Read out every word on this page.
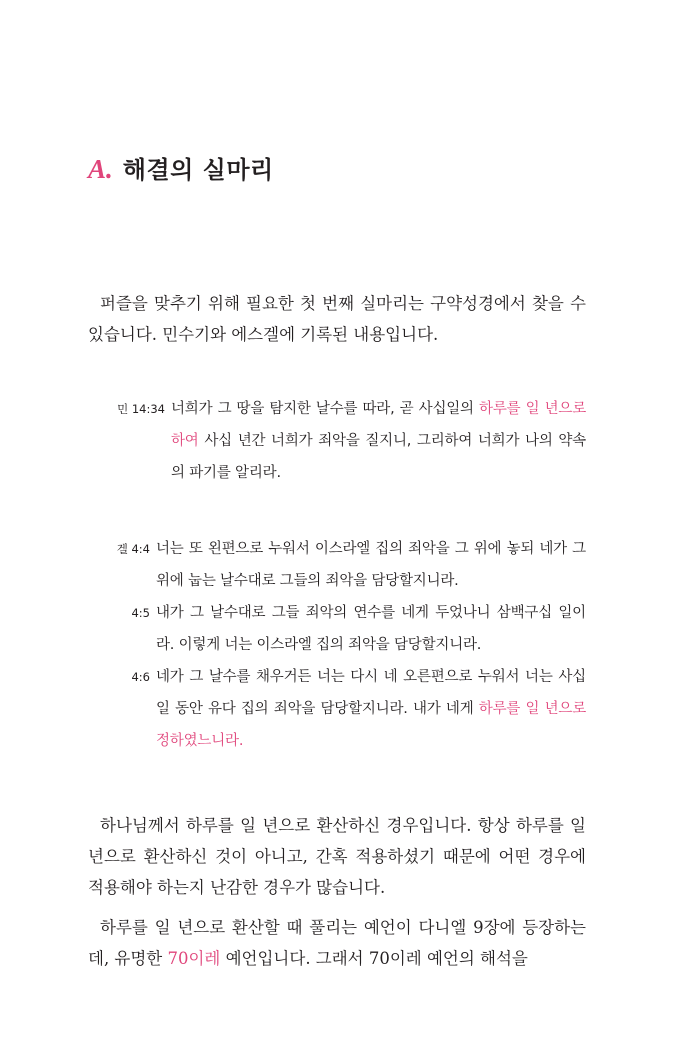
A. 해결의 실마리

퍼즐을 맞추기 위해 필요한 첫 번째 실마리는 구약성경에서 찾을 수 있습니다. 민수기와 에스겔에 기록된 내용입니다.

민 14:34 너희가 그 땅을 탐지한 날수를 따라, 곧 사십일의 하루를 일 년으로 하여 사십 년간 너희가 죄악을 질지니, 그리하여 너희가 나의 약속의 파기를 알리라.
겔 4:4 너는 또 왼편으로 누워서 이스라엘 집의 죄악을 그 위에 놓되 네가 그 위에 눕는 날수대로 그들의 죄악을 담당할지니라.
4:5 내가 그 날수대로 그들 죄악의 연수를 네게 두었나니 삼백구십 일이라. 이렇게 너는 이스라엘 집의 죄악을 담당할지니라.
4:6 네가 그 날수를 채우거든 너는 다시 네 오른편으로 누워서 너는 사십 일 동안 유다 집의 죄악을 담당할지니라. 내가 네게 하루를 일 년으로 정하였느니라.

하나님께서 하루를 일 년으로 환산하신 경우입니다. 항상 하루를 일 년으로 환산하신 것이 아니고, 간혹 적용하셨기 때문에 어떤 경우에 적용해야 하는지 난감한 경우가 많습니다.

하루를 일 년으로 환산할 때 풀리는 예언이 다니엘 9장에 등장하는데, 유명한 70이레 예언입니다. 그래서 70이레 예언의 해석을
